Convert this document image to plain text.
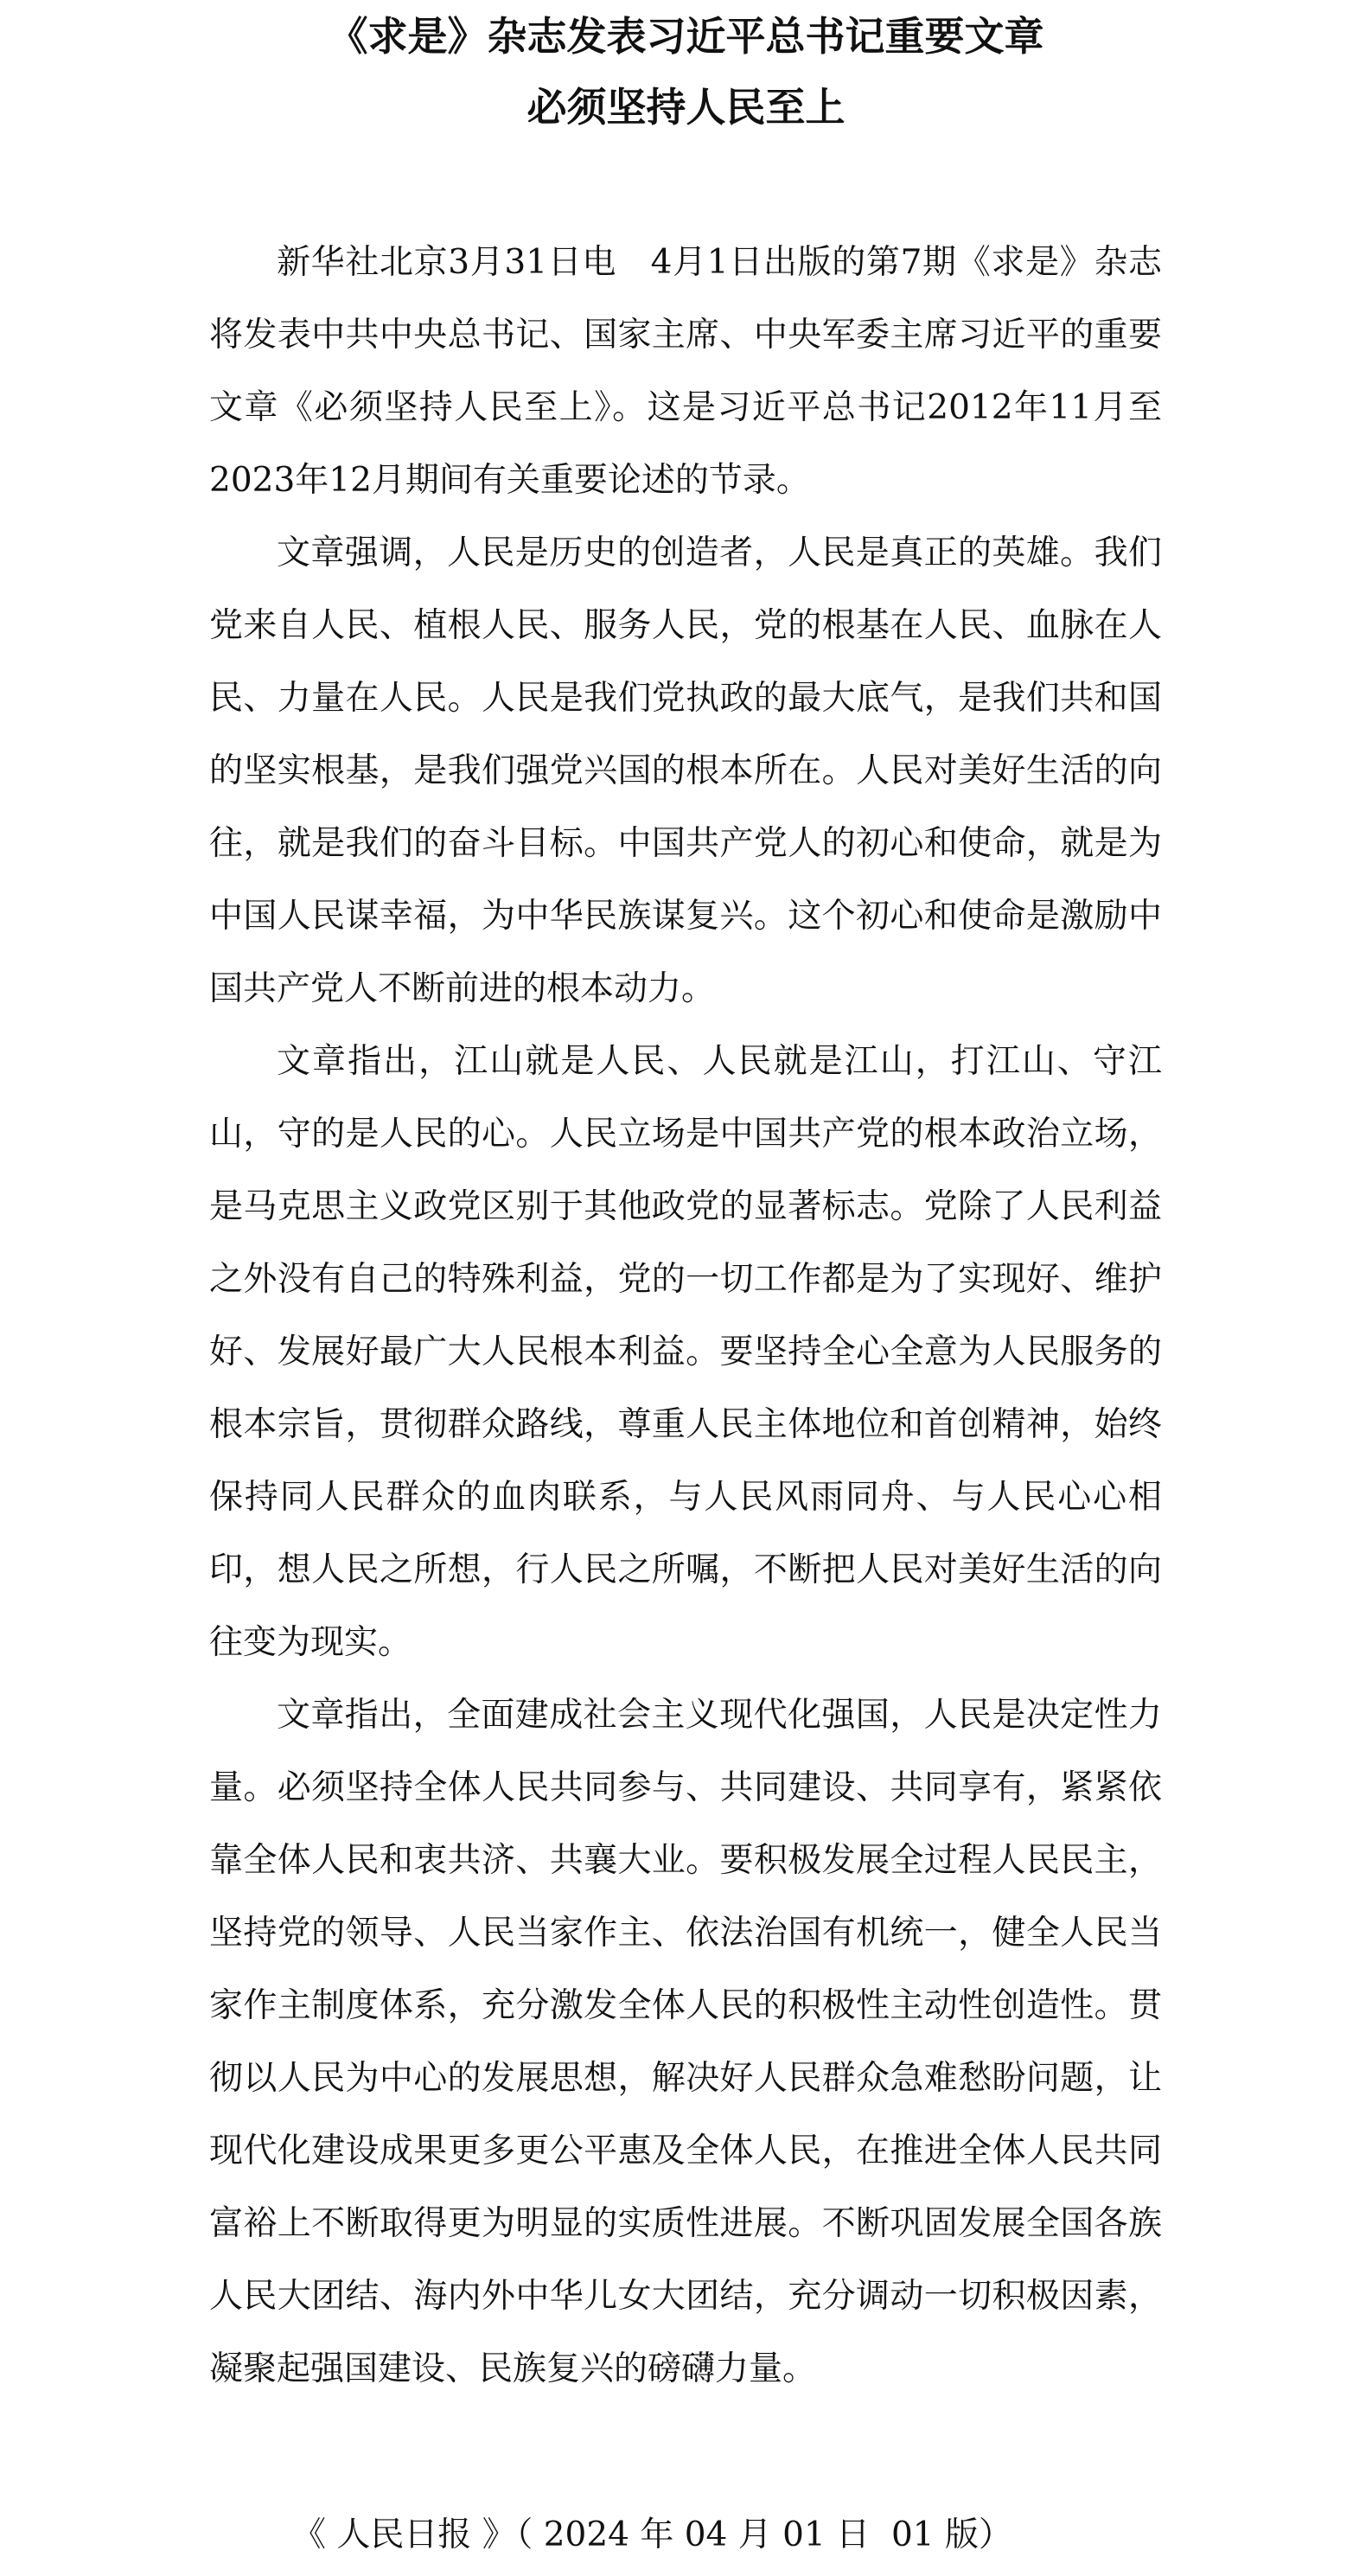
《求是》杂志发表习近平总书记重要文章
必须坚持人民至上

新华社北京3月31日电　4月1日出版的第7期《求是》杂志将发表中共中央总书记、国家主席、中央军委主席习近平的重要文章《必须坚持人民至上》。这是习近平总书记2012年11月至2023年12月期间有关重要论述的节录。

文章强调，人民是历史的创造者，人民是真正的英雄。我们党来自人民、植根人民、服务人民，党的根基在人民、血脉在人民、力量在人民。人民是我们党执政的最大底气，是我们共和国的坚实根基，是我们强党兴国的根本所在。人民对美好生活的向往，就是我们的奋斗目标。中国共产党人的初心和使命，就是为中国人民谋幸福，为中华民族谋复兴。这个初心和使命是激励中国共产党人不断前进的根本动力。

文章指出，江山就是人民、人民就是江山，打江山、守江山，守的是人民的心。人民立场是中国共产党的根本政治立场，是马克思主义政党区别于其他政党的显著标志。党除了人民利益之外没有自己的特殊利益，党的一切工作都是为了实现好、维护好、发展好最广大人民根本利益。要坚持全心全意为人民服务的根本宗旨，贯彻群众路线，尊重人民主体地位和首创精神，始终保持同人民群众的血肉联系，与人民风雨同舟、与人民心心相印，想人民之所想，行人民之所嘱，不断把人民对美好生活的向往变为现实。

文章指出，全面建成社会主义现代化强国，人民是决定性力量。必须坚持全体人民共同参与、共同建设、共同享有，紧紧依靠全体人民和衷共济、共襄大业。要积极发展全过程人民民主，坚持党的领导、人民当家作主、依法治国有机统一，健全人民当家作主制度体系，充分激发全体人民的积极性主动性创造性。贯彻以人民为中心的发展思想，解决好人民群众急难愁盼问题，让现代化建设成果更多更公平惠及全体人民，在推进全体人民共同富裕上不断取得更为明显的实质性进展。不断巩固发展全国各族人民大团结、海内外中华儿女大团结，充分调动一切积极因素，凝聚起强国建设、民族复兴的磅礴力量。

《 人民日报 》（ 2024 年 04 月 01 日  01 版）
